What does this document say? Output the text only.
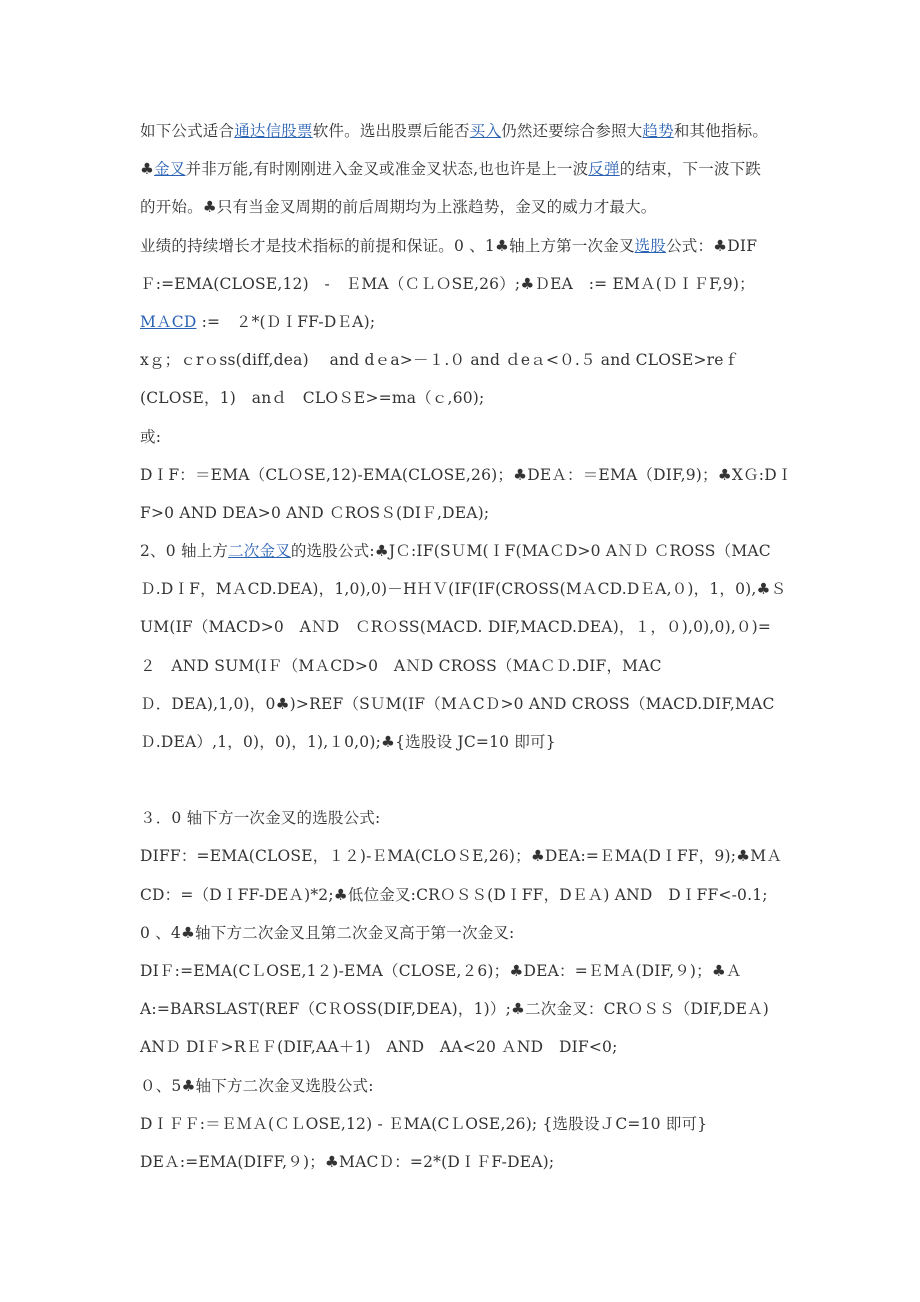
如下公式适合通达信股票软件。选出股票后能否买入仍然还要综合参照大趋势和其他指标。
♣金叉并非万能,有时刚刚进入金叉或准金叉状态,也也许是上一波反弹的结束，下一波下跌
的开始。♣只有当金叉周期的前后周期均为上涨趋势，金叉的威力才最大。
业绩的持续增长才是技术指标的前提和保证。0 、1♣轴上方第一次金叉选股公式：♣DIF
Ｆ:=EMA(CLOSE,12)　-　ＥMA（ＣＬＯSE,26）;♣ＤEA　:= EMＡ(ＤＩＦF,9)；
MＡCD :=　２*(ＤＩFF-DＥA);
xｇ；ｃrｏss(diff,dea)　 and dｅa>－１.０ and ｄeａ<０.５ and CLOSE>reｆ
(CLOSE，1)　anｄ　CLOＳE>=ma（ｃ,60);
或:
DＩF：＝EMA（CLＯSE,12)-EMA(CLOSE,26)；♣DEＡ：＝EMA（DIF,9)；♣XＧ:DＩ
F>0 AND DEA>0 AND ＣROSＳ(DIＦ,DEA);
2、0 轴上方二次金叉的选股公式:♣JＣ:IF(SＵM(ＩF(MAＣD>0 AＮＤ ＣROSS（MAC
Ｄ.DＩF，MＡCD.DEA)，1,0),0)－HＨＶ(IF(IF(CROSS(MＡCD.DＥA,０)，1，0),♣Ｓ
UM(IF（MACD>0　AＮD　ＣRＯSS(MACD. DIF,MACD.DEA)，１，０),0),0),０)=
２　AND SUM(IＦ（MＡCD>0　AＮD CROSS（MAＣＤ.DIF，MAC
Ｄ．DEA),1,0)，0♣)>REF（SＵM(IF（MＡCＤ>0 AND CROSS（MACD.DIF,MAC
Ｄ.DEA）,1，0)，0)，1),１0,0);♣{选股设 JC=10 即可}
３．0 轴下方一次金叉的选股公式:
DIFF：=EMA(CLOSE，１２)-ＥMA(CLOＳE,26)；♣DEA:=ＥMA(DＩFF，9);♣MＡ
CD：=（DＩFF-DEＡ)*2;♣低位金叉:CRＯＳＳ(DＩFF，DＥＡ) AND　DＩFF<-0.1;
0 、4♣轴下方二次金叉且第二次金叉高于第一次金叉:
DIＦ:=EMA(CＬOSE,1２)-EMA（CLOSE,２6)；♣DEA：=ＥMＡ(DIF,９)；♣Ａ
A:=BARSLAST(REF（CＲOSS(DIF,DEA)，1)）;♣二次金叉：CRＯＳＳ（DIF,DEＡ)
ANＤ DIＦ>RＥＦ(DIF,AA＋1)　AND　AA<20 ＡND　DIF<0;
０、5♣轴下方二次金叉选股公式:
DＩＦＦ:＝ＥＭＡ(ＣＬOSE,12) - ＥMA(CＬOSE,26); {选股设ＪC=10 即可}
DEＡ:=EMA(DIFF,９)；♣MACＤ：=2*(DＩＦF-DEA);
